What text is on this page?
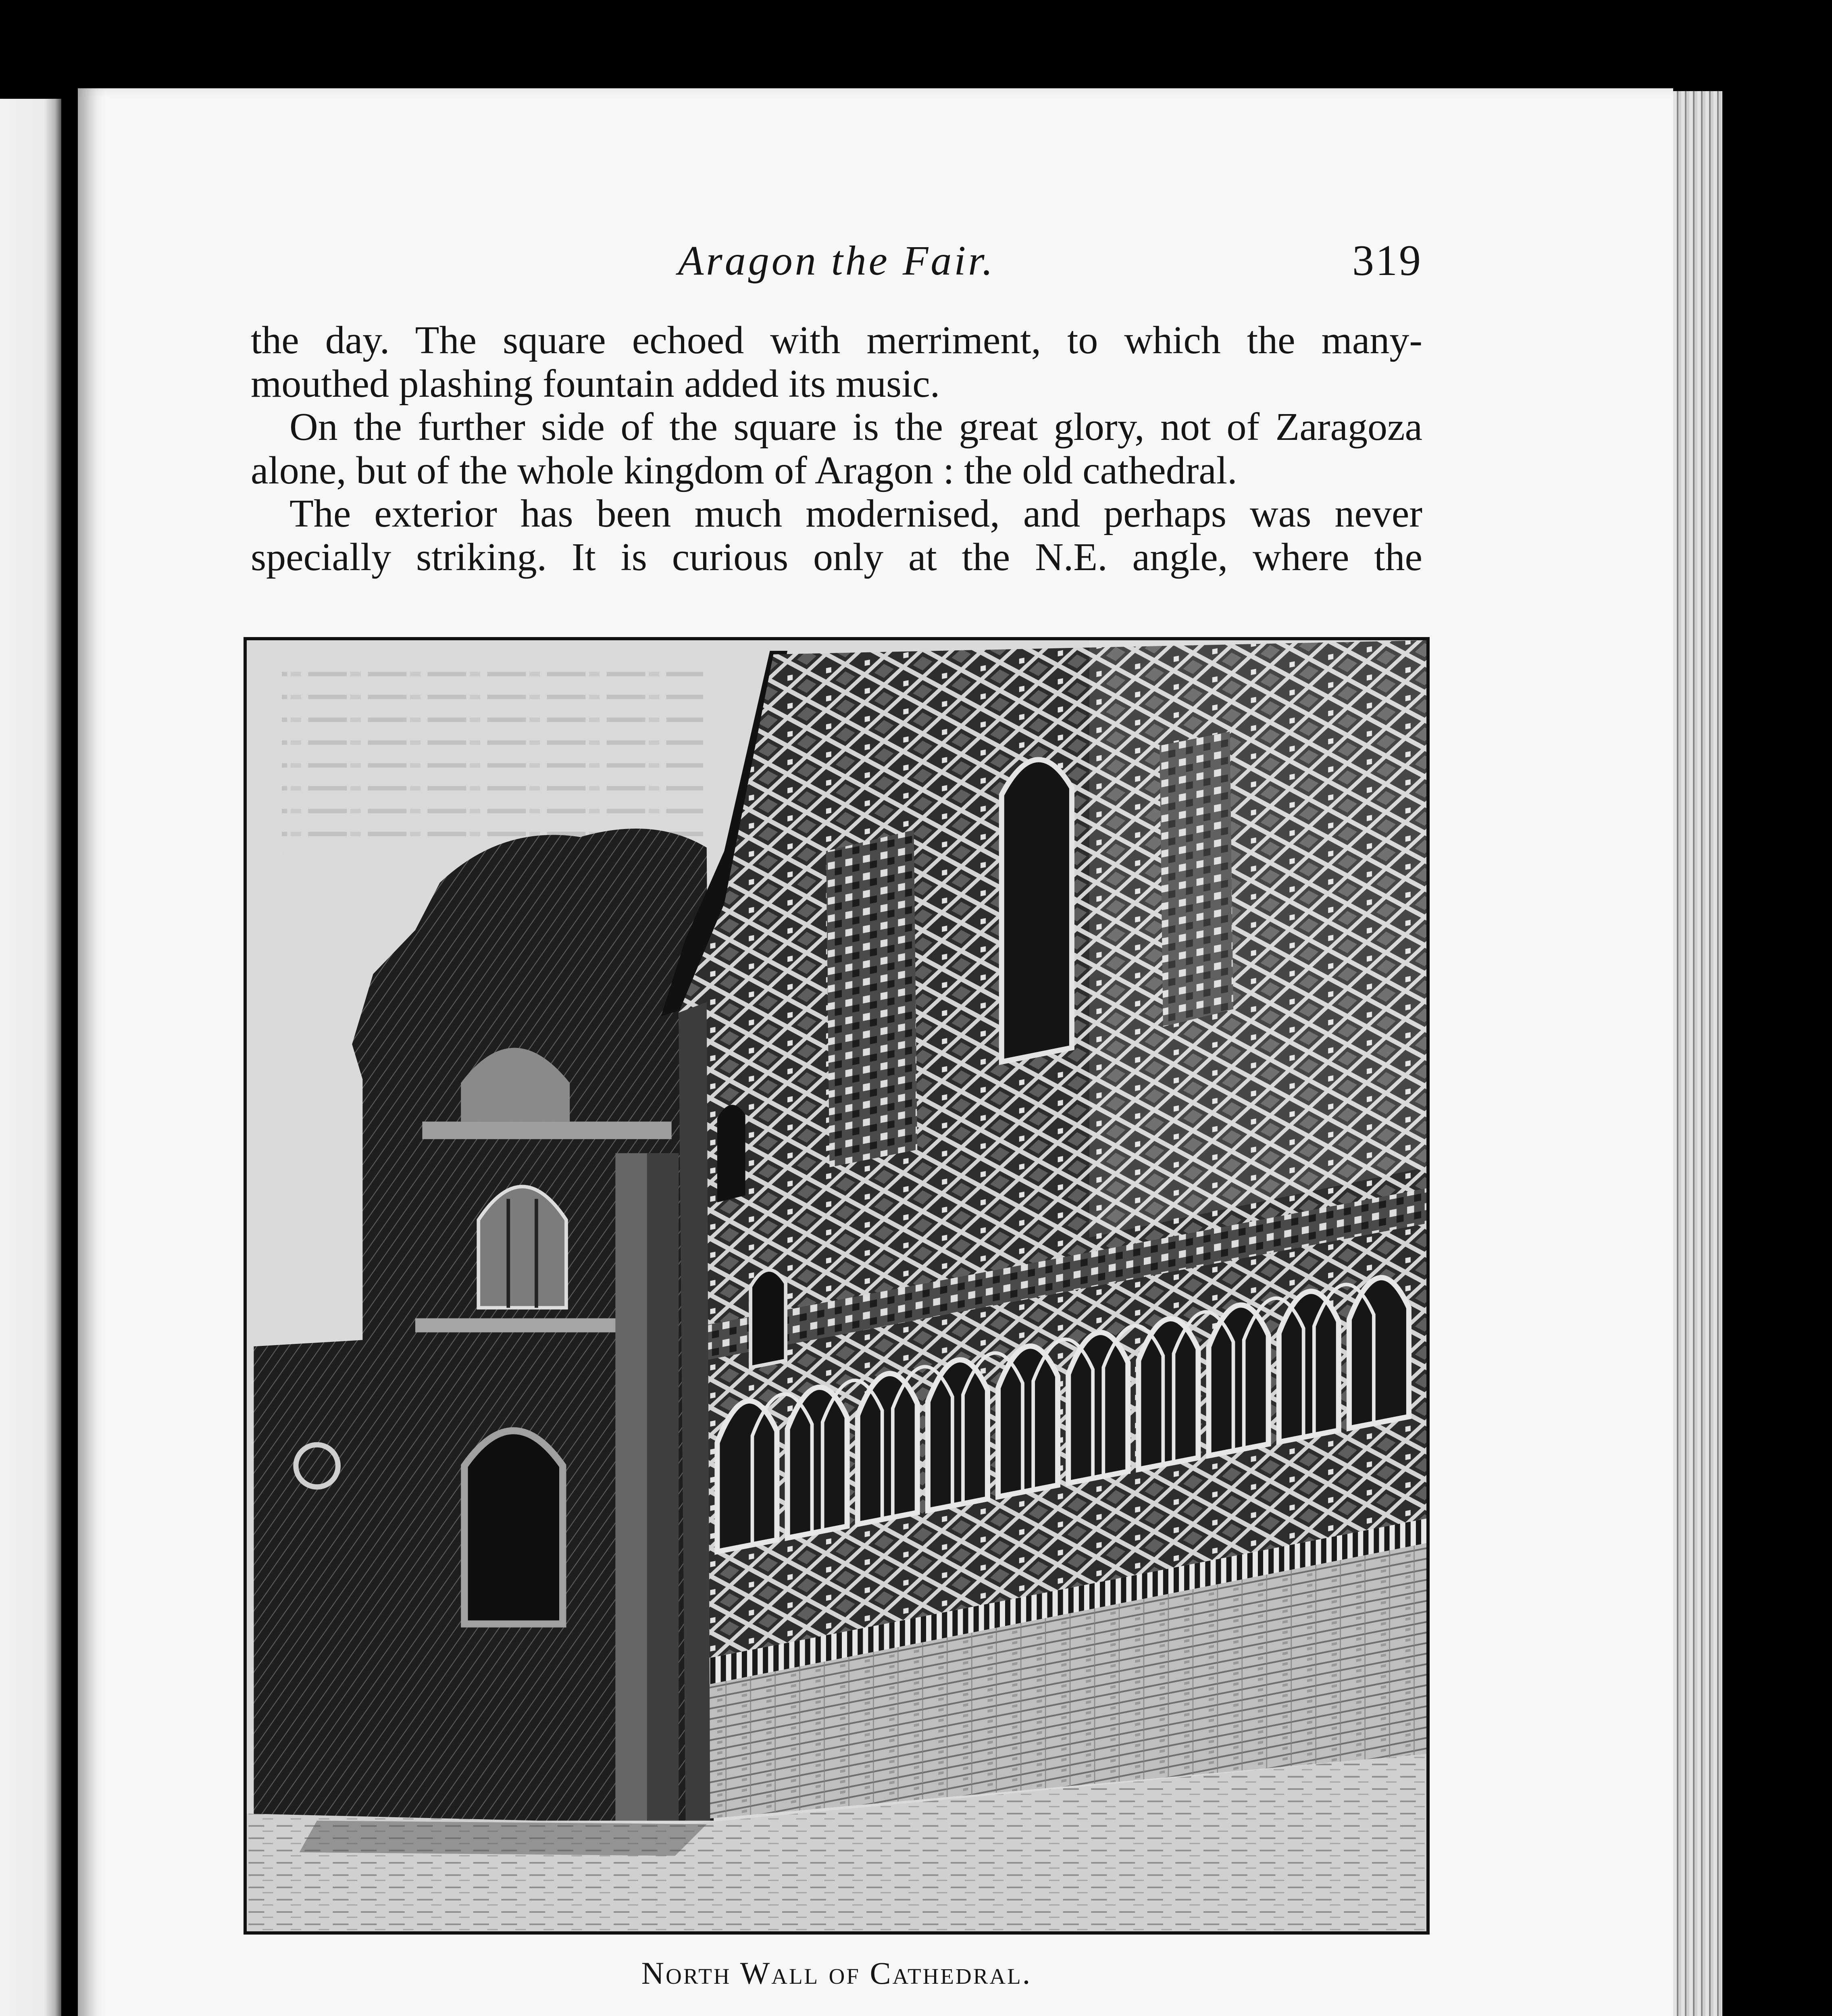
Aragon the Fair.	319
the day. The square echoed with merriment, to which the many-
mouthed plashing fountain added its music.
On the further side of the square is the great glory, not of Zaragoza
alone, but of the whole kingdom of Aragon : the old cathedral.
The exterior has been much modernised, and perhaps was never
specially striking. It is curious only at the N.E. angle, where the
North Wall of Cathedral.
